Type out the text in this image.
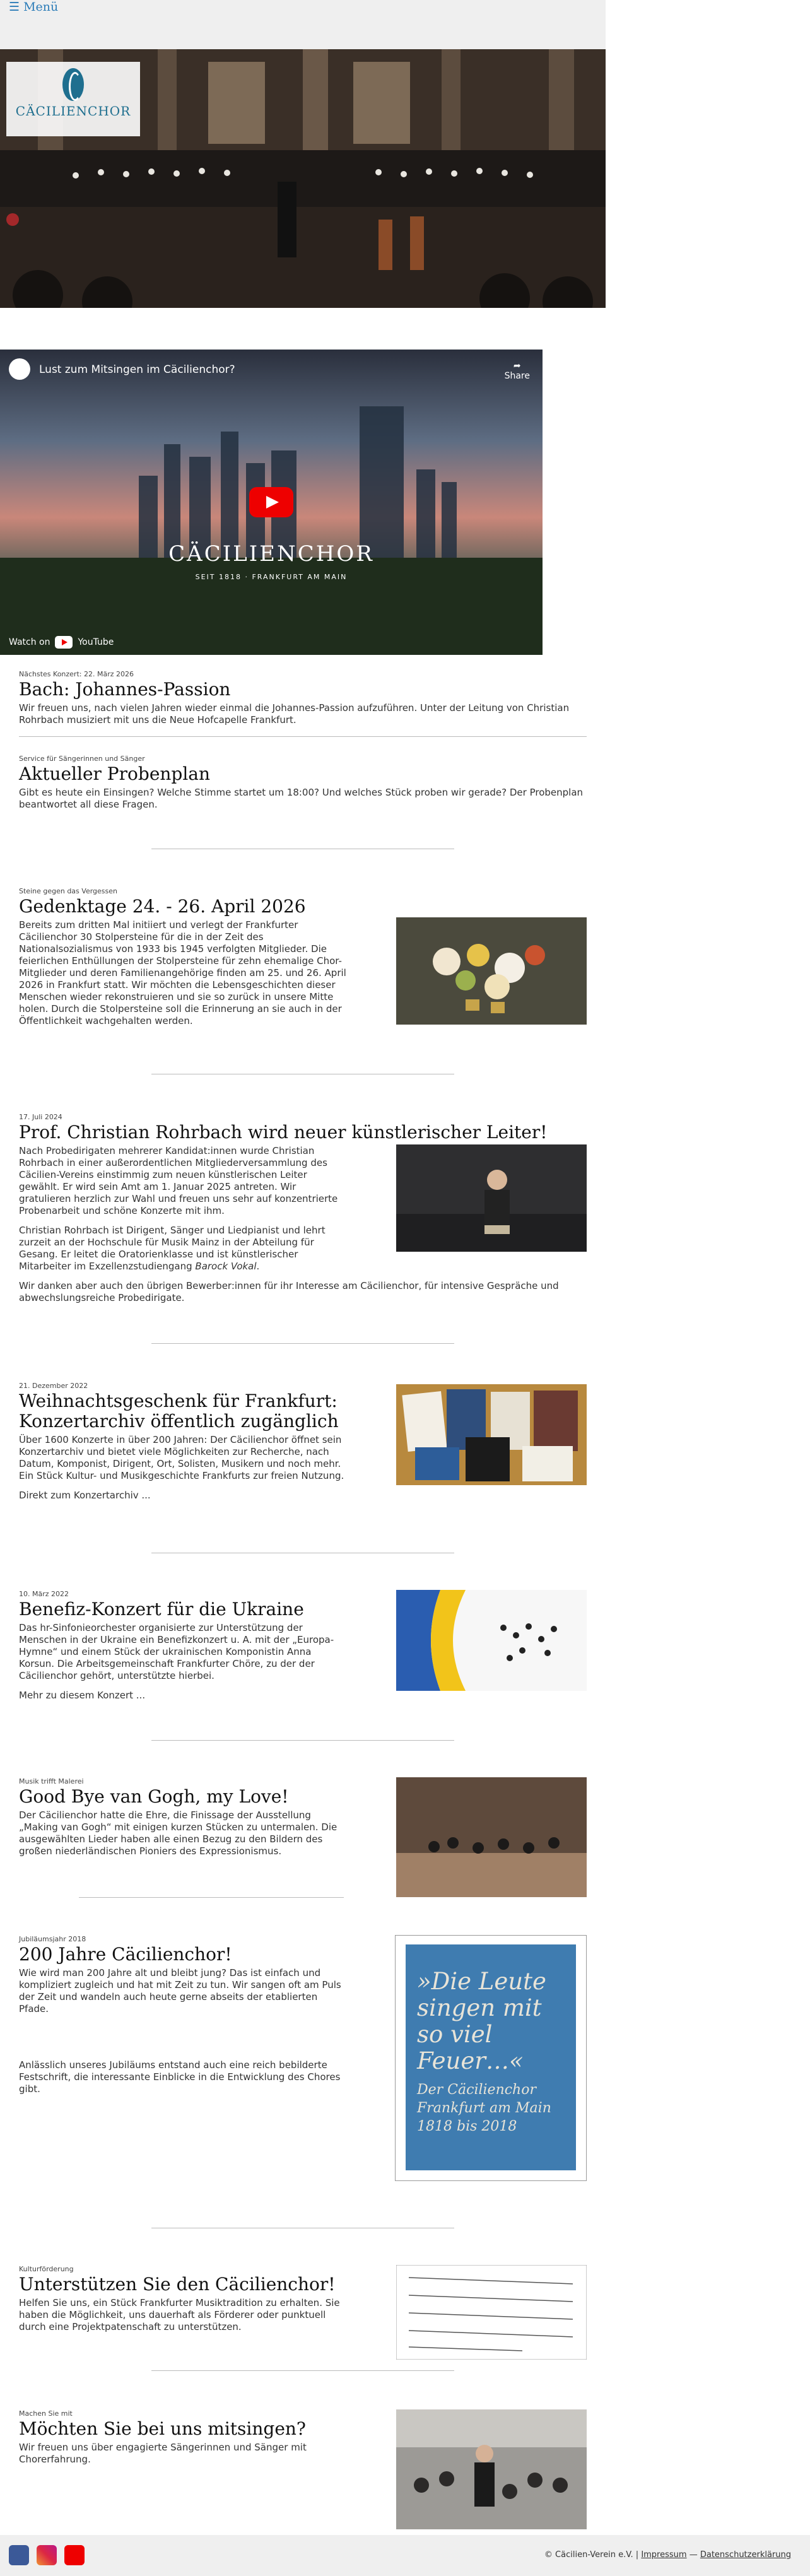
☰ Menü
CÄCILIENCHOR
Lust zum Mitsingen im Cäcilienchor?	➦
Share
CÄCILIENCHOR
SEIT 1818 · FRANKFURT AM MAIN
Watch on	YouTube
Nächstes Konzert: 22. März 2026
Bach: Johannes-Passion

Wir freuen uns, nach vielen Jahren wieder einmal die Johannes-Passion aufzuführen. Unter der Leitung von Christian Rohrbach musiziert mit uns die Neue Hofcapelle Frankfurt.

Service für Sängerinnen und Sänger
Aktueller Probenplan

Gibt es heute ein Einsingen? Welche Stimme startet um 18:00? Und welches Stück proben wir gerade? Der Probenplan beantwortet all diese Fragen.

Steine gegen das Vergessen
Gedenktage 24. - 26. April 2026

Bereits zum dritten Mal initiiert und verlegt der Frankfurter Cäcilienchor 30 Stolpersteine für die in der Zeit des Nationalsozialismus von 1933 bis 1945 verfolgten Mitglieder. Die feierlichen Enthüllungen der Stolpersteine für zehn ehemalige Chor-Mitglieder und deren Familienangehörige finden am 25. und 26. April 2026 in Frankfurt statt. Wir möchten die Lebensgeschichten dieser Menschen wieder rekonstruieren und sie so zurück in unsere Mitte holen. Durch die Stolpersteine soll die Erinnerung an sie auch in der Öffentlichkeit wachgehalten werden.

17. Juli 2024
Prof. Christian Rohrbach wird neuer künstlerischer Leiter!

Nach Probedirigaten mehrerer Kandidat:innen wurde Christian Rohrbach in einer außerordentlichen Mitgliederversammlung des Cäcilien-Vereins einstimmig zum neuen künstlerischen Leiter gewählt. Er wird sein Amt am 1. Januar 2025 antreten. Wir gratulieren herzlich zur Wahl und freuen uns sehr auf konzentrierte Probenarbeit und schöne Konzerte mit ihm.

Christian Rohrbach ist Dirigent, Sänger und Liedpianist und lehrt zurzeit an der Hochschule für Musik Mainz in der Abteilung für Gesang. Er leitet die Oratorienklasse und ist künstlerischer Mitarbeiter im Exzellenzstudiengang Barock Vokal.

Wir danken aber auch den übrigen Bewerber:innen für ihr Interesse am Cäcilienchor, für intensive Gespräche und abwechslungsreiche Probedirigate.

21. Dezember 2022
Weihnachtsgeschenk für Frankfurt: Konzertarchiv öffentlich zugänglich

Über 1600 Konzerte in über 200 Jahren: Der Cäcilienchor öffnet sein Konzertarchiv und bietet viele Möglichkeiten zur Recherche, nach Datum, Komponist, Dirigent, Ort, Solisten, Musikern und noch mehr. Ein Stück Kultur- und Musikgeschichte Frankfurts zur freien Nutzung.

Direkt zum Konzertarchiv ...

10. März 2022
Benefiz-Konzert für die Ukraine

Das hr-Sinfonieorchester organisierte zur Unterstützung der Menschen in der Ukraine ein Benefizkonzert u. A. mit der „Europa-Hymne“ und einem Stück der ukrainischen Komponistin Anna Korsun. Die Arbeitsgemeinschaft Frankfurter Chöre, zu der der Cäcilienchor gehört, unterstützte hierbei.

Mehr zu diesem Konzert ...

Musik trifft Malerei
Good Bye van Gogh, my Love!

Der Cäcilienchor hatte die Ehre, die Finissage der Ausstellung „Making van Gogh“ mit einigen kurzen Stücken zu untermalen. Die ausgewählten Lieder haben alle einen Bezug zu den Bildern des großen niederländischen Pioniers des Expressionismus.

Jubiläumsjahr 2018
200 Jahre Cäcilienchor!

Wie wird man 200 Jahre alt und bleibt jung? Das ist einfach und kompliziert zugleich und hat mit Zeit zu tun. Wir sangen oft am Puls der Zeit und wandeln auch heute gerne abseits der etablierten Pfade.

Anlässlich unseres Jubiläums entstand auch eine reich bebilderte Festschrift, die interessante Einblicke in die Entwicklung des Chores gibt.

»Die Leute singen mit so viel Feuer…«
Der Cäcilienchor Frankfurt am Main 1818 bis 2018
Kulturförderung
Unterstützen Sie den Cäcilienchor!

Helfen Sie uns, ein Stück Frankfurter Musiktradition zu erhalten. Sie haben die Möglichkeit, uns dauerhaft als Förderer oder punktuell durch eine Projektpatenschaft zu unterstützen.

Machen Sie mit
Möchten Sie bei uns mitsingen?

Wir freuen uns über engagierte Sängerinnen und Sänger mit Chorerfahrung.

© Cäcilien-Verein e.V. | Impressum — Datenschutzerklärung
